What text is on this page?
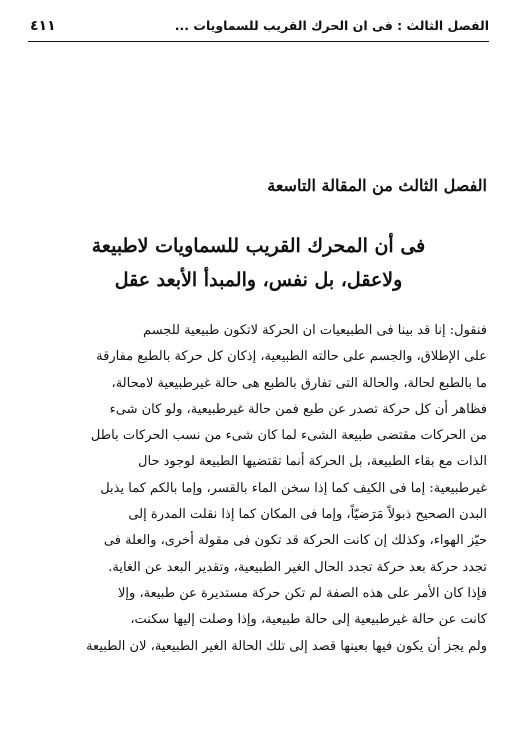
الفصل الثالث : فى ان الحرك القريب للسماويات ...
٤١١
الفصل الثالث من المقالة التاسعة
فى أن المحرك القريب للسماويات لاطبيعة
ولاعقل، بل نفس، والمبدأ الأبعد عقل
فنقول: إنا قد بينا فى الطبيعيات ان الحركة لاتكون طبيعية للجسم
على الإطلاق، والجسم على حالته الطبيعية، إذكان كل حركة بالطبع مفارقة
ما بالطبع لحالة، والحالة التى تفارق بالطبع هى حالة غيرطبيعية لامحالة،
فظاهر أن كل حركة تصدر عن طبع فمن حالة غيرطبيعية، ولو كان شىء
من الحركات مقتضى طبيعة الشىء لما كان شىء من نسب الحركات باطل
الذات مع بقاء الطبيعة، بل الحركة أنما تقتضيها الطبيعة لوجود حال
غيرطبيعية: إما فى الكيف كما إذا سخن الماء بالقسر، وإما بالكم كما يذبل
البدن الصحيح ذبولاً مَرَضيّاً، وإما فى المكان كما إذا نقلت المدرة إلى
حيّز الهواء، وكذلك إن كانت الحركة قد تكون فى مقولة أخرى، والعلة فى
تجدد حركة بعد حركة تجدد الحال الغير الطبيعية، وتقدير البعد عن الغاية.
فإذا كان الأمر على هذه الصفة لم تكن حركة مستديرة عن طبيعة، وإلا
كانت عن حالة غيرطبيعية إلى حالة طبيعية، وإذا وصلت إليها سكنت،
ولم يجز أن يكون فيها بعينها قصد إلى تلك الحالة الغير الطبيعية، لان الطبيعة
